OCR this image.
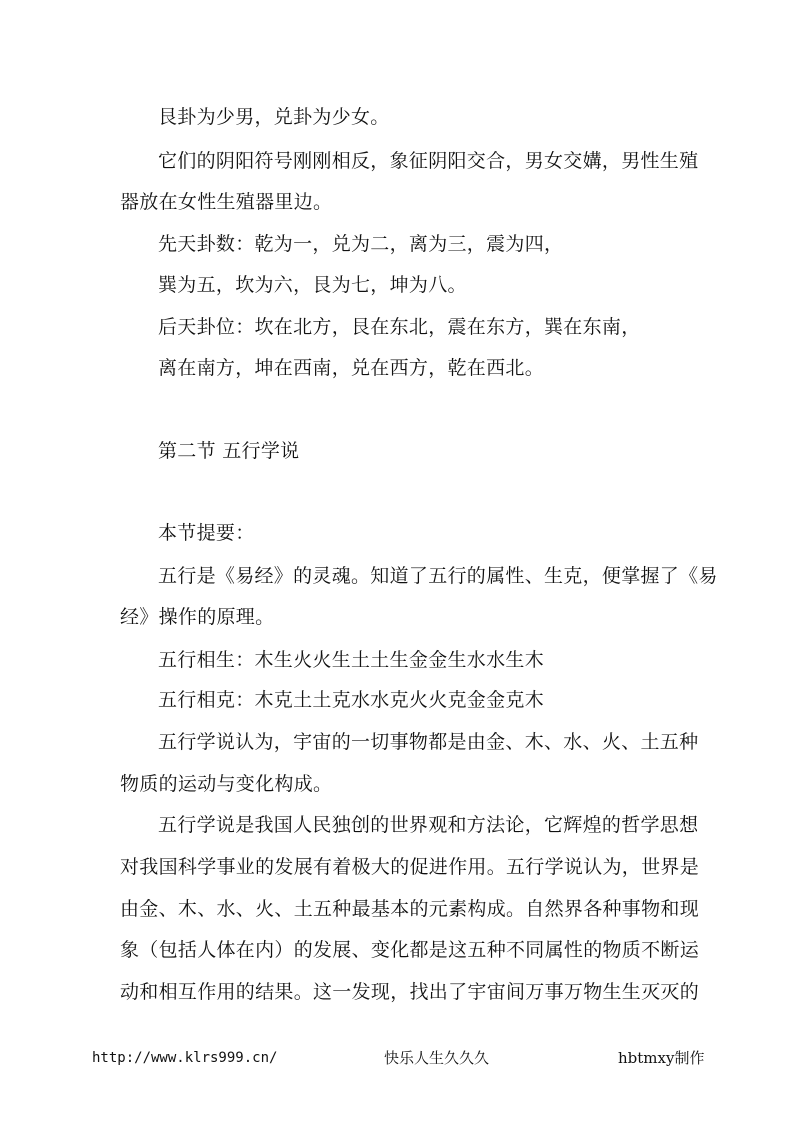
艮卦为少男，兑卦为少女。
它们的阴阳符号刚刚相反，象征阴阳交合，男女交媾，男性生殖
器放在女性生殖器里边。
先天卦数：乾为一，兑为二，离为三，震为四，
巽为五，坎为六，艮为七，坤为八。
后天卦位：坎在北方，艮在东北，震在东方，巽在东南，
离在南方，坤在西南，兑在西方，乾在西北。
第二节 五行学说
本节提要：
五行是《易经》的灵魂。知道了五行的属性、生克，便掌握了《易
经》操作的原理。
五行相生：木生火火生土土生金金生水水生木
五行相克：木克土土克水水克火火克金金克木
五行学说认为，宇宙的一切事物都是由金、木、水、火、土五种
物质的运动与变化构成。
五行学说是我国人民独创的世界观和方法论，它辉煌的哲学思想
对我国科学事业的发展有着极大的促进作用。五行学说认为，世界是
由金、木、水、火、土五种最基本的元素构成。自然界各种事物和现
象（包括人体在内）的发展、变化都是这五种不同属性的物质不断运
动和相互作用的结果。这一发现，找出了宇宙间万事万物生生灭灭的
http://www.klrs999.cn/	快乐人生久久久	hbtmxy制作
